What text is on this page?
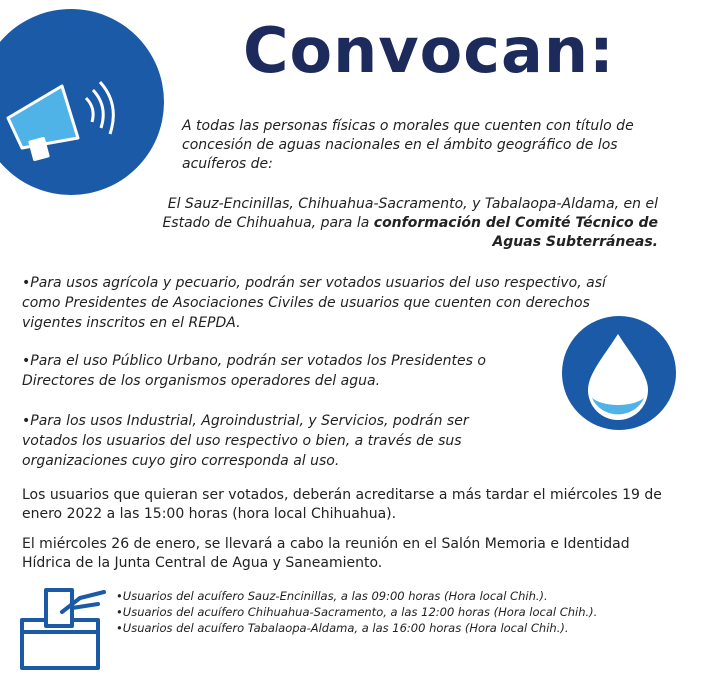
Convocan:
A todas las personas físicas o morales que cuenten con título de concesión de aguas nacionales en el ámbito geográfico de los acuíferos de:
El Sauz-Encinillas, Chihuahua-Sacramento, y Tabalaopa-Aldama, en el Estado de Chihuahua, para la conformación del Comité Técnico de Aguas Subterráneas.
•Para usos agrícola y pecuario, podrán ser votados usuarios del uso respectivo, así como Presidentes de Asociaciones Civiles de usuarios que cuenten con derechos vigentes inscritos en el REPDA.
•Para el uso Público Urbano, podrán ser votados los Presidentes o Directores de los organismos operadores del agua.
•Para los usos Industrial, Agroindustrial, y Servicios, podrán ser votados los usuarios del uso respectivo o bien, a través de sus organizaciones cuyo giro corresponda al uso.
Los usuarios que quieran ser votados, deberán acreditarse a más tardar el miércoles 19 de enero 2022 a las 15:00 horas (hora local Chihuahua).
El miércoles 26 de enero, se llevará a cabo la reunión en el Salón Memoria e Identidad Hídrica de la Junta Central de Agua y Saneamiento.
•Usuarios del acuífero Sauz-Encinillas, a las 09:00 horas (Hora local Chih.).
•Usuarios del acuífero Chihuahua-Sacramento, a las 12:00 horas (Hora local Chih.).
•Usuarios del acuífero Tabalaopa-Aldama, a las 16:00 horas (Hora local Chih.).
